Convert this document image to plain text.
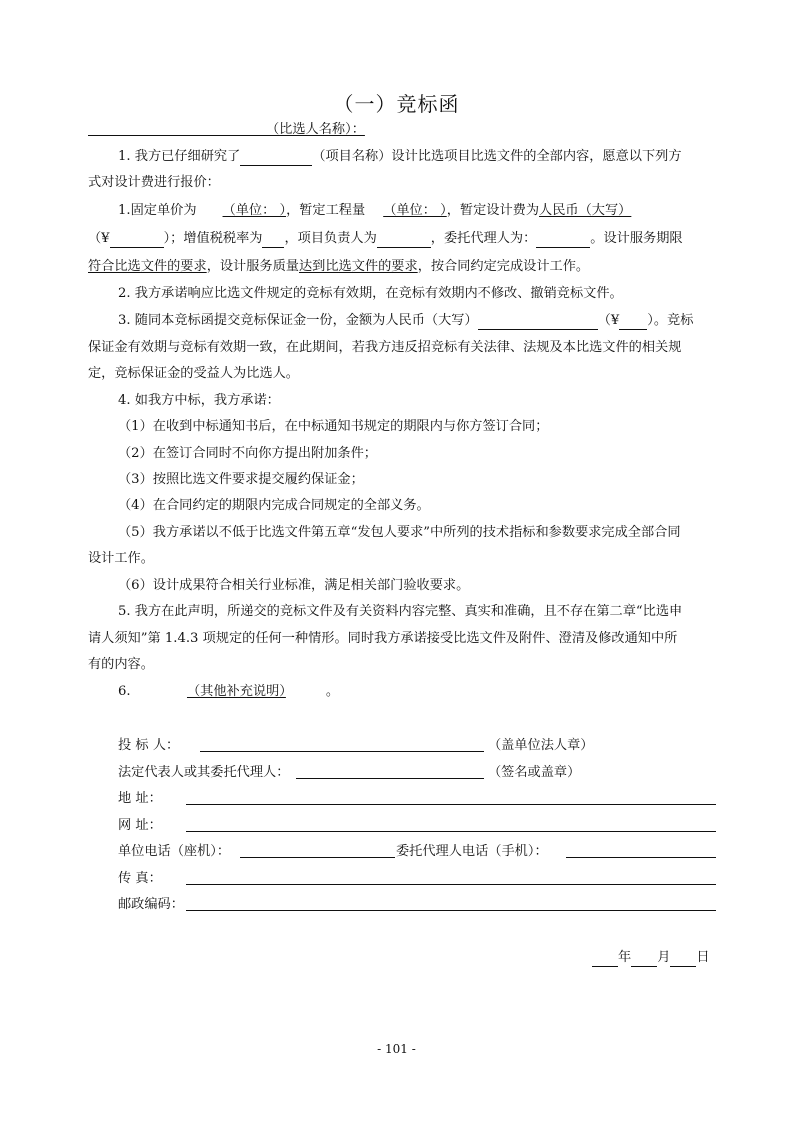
（一）竞标函
（比选人名称）：
1. 我方已仔细研究了	（项目名称）设计比选项目比选文件的全部内容，愿意以下列方
式对设计费进行报价：
1.固定单价为 （单位： ），暂定工程量 （单位： ），暂定设计费为人民币（大写）
（¥	）；增值税税率为 ，项目负责人为	，委托代理人为：	。设计服务期限
符合比选文件的要求，设计服务质量达到比选文件的要求，按合同约定完成设计工作。
2. 我方承诺响应比选文件规定的竞标有效期，在竞标有效期内不修改、撤销竞标文件。
3. 随同本竞标函提交竞标保证金一份，金额为人民币（大写）	（¥ ）。竞标
保证金有效期与竞标有效期一致，在此期间，若我方违反招竞标有关法律、法规及本比选文件的相关规
定，竞标保证金的受益人为比选人。
4. 如我方中标，我方承诺：
（1）在收到中标通知书后，在中标通知书规定的期限内与你方签订合同；
（2）在签订合同时不向你方提出附加条件；
（3）按照比选文件要求提交履约保证金；
（4）在合同约定的期限内完成合同规定的全部义务。
（5）我方承诺以不低于比选文件第五章“发包人要求”中所列的技术指标和参数要求完成全部合同
设计工作。
（6）设计成果符合相关行业标准，满足相关部门验收要求。
5. 我方在此声明，所递交的竞标文件及有关资料内容完整、真实和准确，且不存在第二章“比选申
请人须知”第 1.4.3 项规定的任何一种情形。同时我方承诺接受比选文件及附件、澄清及修改通知中所
有的内容。
6.	（其他补充说明）	。
投 标 人：	（盖单位法人章）
法定代表人或其委托代理人：	（签名或盖章）
地 址：
网 址：
单位电话（座机）：	委托代理人电话（手机）：
传 真：
邮政编码：
年 月 日
- 101 -
